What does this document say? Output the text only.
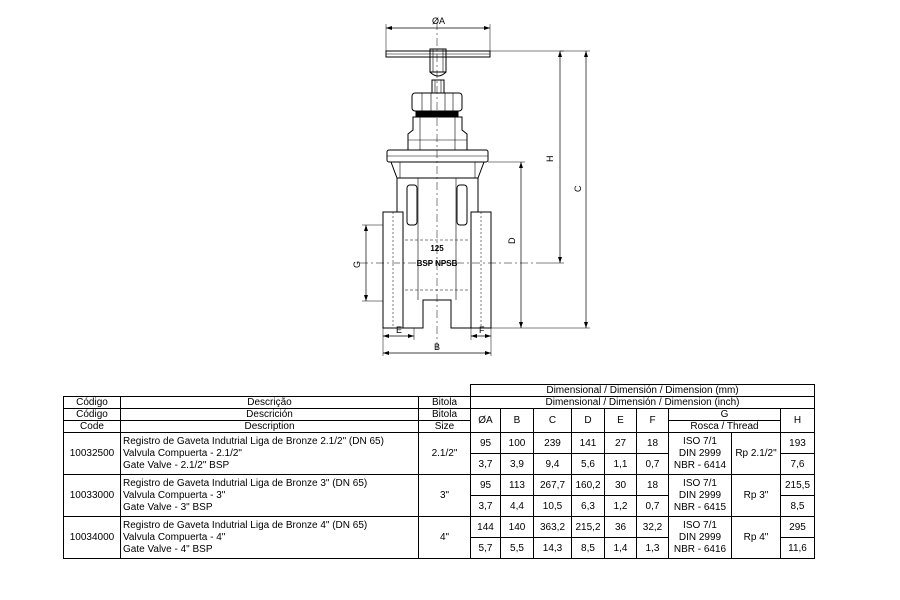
ØA
H
C
D
G
E	F
B
125
BSP NPSB
			Dimensional / Dimensión / Dimension (mm)								
Código	Descrição	Bitola	Dimensional / Dimensión / Dimension (inch)								
Código	Descrición	Bitola	ØA	B	C	D	E	F	G		H
Code	Description	Size							Rosca / Thread		
10032500	Registro de Gaveta Indutrial Liga de Bronze 2.1/2" (DN 65)
Valvula Compuerta - 2.1/2"
Gate Valve - 2.1/2" BSP	2.1/2"	95	100	239	141	27	18	ISO 7/1
DIN 2999
NBR - 6414	Rp 2.1/2"	193
			3,7	3,9	9,4	5,6	1,1	0,7			7,6
10033000	Registro de Gaveta Indutrial Liga de Bronze 3" (DN 65)
Valvula Compuerta - 3"
Gate Valve - 3" BSP	3"	95	113	267,7	160,2	30	18	ISO 7/1
DIN 2999
NBR - 6415	Rp 3"	215,5
			3,7	4,4	10,5	6,3	1,2	0,7			8,5
10034000	Registro de Gaveta Indutrial Liga de Bronze 4" (DN 65)
Valvula Compuerta - 4"
Gate Valve - 4" BSP	4"	144	140	363,2	215,2	36	32,2	ISO 7/1
DIN 2999
NBR - 6416	Rp 4"	295
			5,7	5,5	14,3	8,5	1,4	1,3			11,6
